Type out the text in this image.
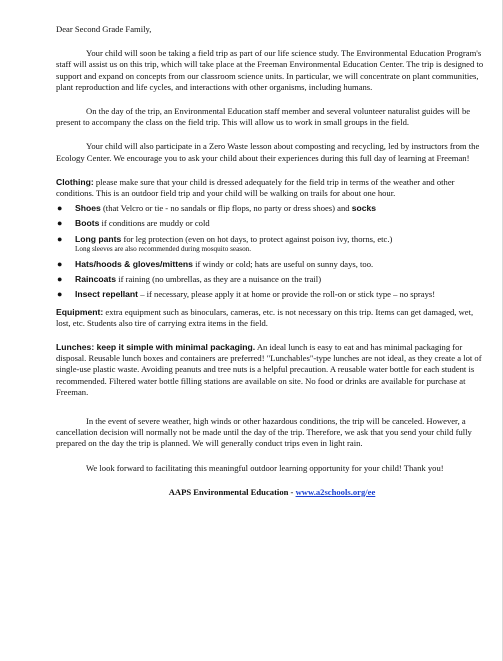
Dear Second Grade Family,

Your child will soon be taking a field trip as part of our life science study. The Environmental Education Program's staff will assist us on this trip, which will take place at the Freeman Environmental Education Center. The trip is designed to support and expand on concepts from our classroom science units. In particular, we will concentrate on plant communities, plant reproduction and life cycles, and interactions with other organisms, including humans.

On the day of the trip, an Environmental Education staff member and several volunteer naturalist guides will be present to accompany the class on the field trip. This will allow us to work in small groups in the field.

Your child will also participate in a Zero Waste lesson about composting and recycling, led by instructors from the Ecology Center. We encourage you to ask your child about their experiences during this full day of learning at Freeman!

Clothing: please make sure that your child is dressed adequately for the field trip in terms of the weather and other conditions. This is an outdoor field trip and your child will be walking on trails for about one hour.

● Shoes (that Velcro or tie - no sandals or flip flops, no party or dress shoes) and socks
● Boots if conditions are muddy or cold
● Long pants for leg protection (even on hot days, to protect against poison ivy, thorns, etc.)
Long sleeves are also recommended during mosquito season.
● Hats/hoods & gloves/mittens if windy or cold; hats are useful on sunny days, too.
● Raincoats if raining (no umbrellas, as they are a nuisance on the trail)
● Insect repellant – if necessary, please apply it at home or provide the roll-on or stick type – no sprays!

Equipment: extra equipment such as binoculars, cameras, etc. is not necessary on this trip. Items can get damaged, wet, lost, etc. Students also tire of carrying extra items in the field.

Lunches: keep it simple with minimal packaging. An ideal lunch is easy to eat and has minimal packaging for disposal. Reusable lunch boxes and containers are preferred! "Lunchables"-type lunches are not ideal, as they create a lot of single-use plastic waste. Avoiding peanuts and tree nuts is a helpful precaution. A reusable water bottle for each student is recommended. Filtered water bottle filling stations are available on site. No food or drinks are available for purchase at Freeman.

In the event of severe weather, high winds or other hazardous conditions, the trip will be canceled. However, a cancellation decision will normally not be made until the day of the trip. Therefore, we ask that you send your child fully prepared on the day the trip is planned. We will generally conduct trips even in light rain.

We look forward to facilitating this meaningful outdoor learning opportunity for your child! Thank you!

AAPS Environmental Education - www.a2schools.org/ee
